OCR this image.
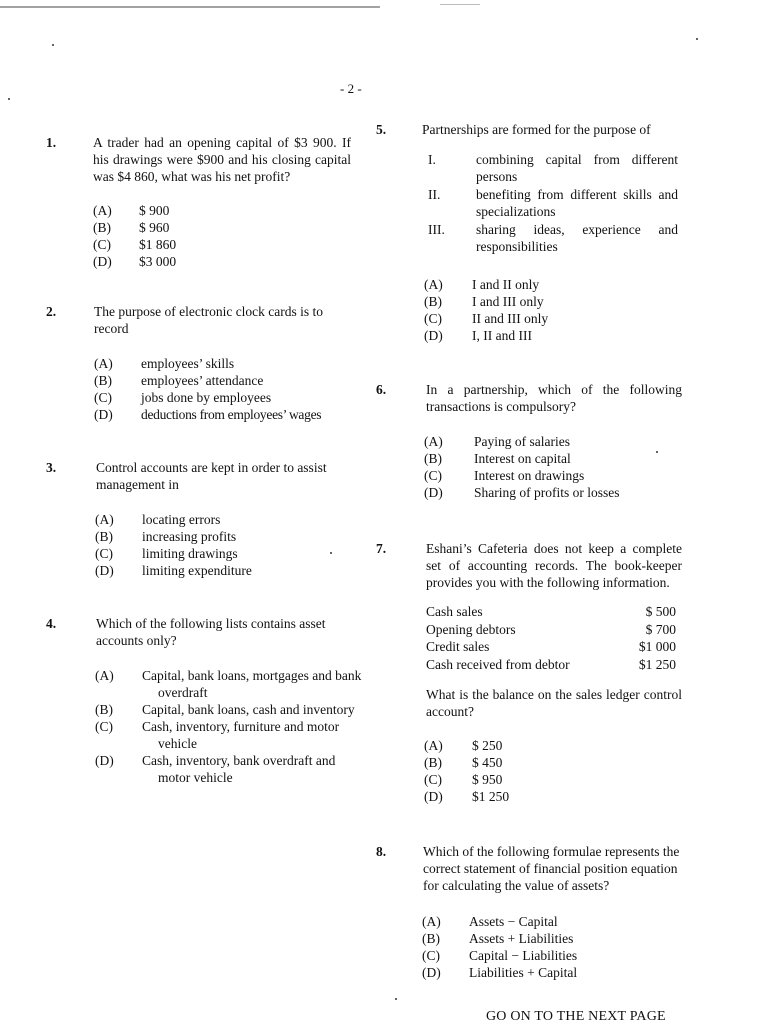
- 2 -
1.	A trader had an opening capital of $3 900. If his drawings were $900 and his closing capital was $4 860, what was his net profit?
(A) $ 900
(B) $ 960
(C) $1 860
(D) $3 000
2.	The purpose of electronic clock cards is to record
(A) employees’ skills
(B) employees’ attendance
(C) jobs done by employees
(D) deductions from employees’ wages
3.	Control accounts are kept in order to assist management in
(A) locating errors
(B) increasing profits
(C) limiting drawings
(D) limiting expenditure
4.	Which of the following lists contains asset accounts only?
(A) Capital, bank loans, mortgages and bank overdraft
(B) Capital, bank loans, cash and inventory
(C) Cash, inventory, furniture and motor vehicle
(D) Cash, inventory, bank overdraft and motor vehicle
5.	Partnerships are formed for the purpose of
I.	combining capital from different persons
II.	benefiting from different skills and specializations
III. sharing ideas, experience and responsibilities
(A) I and II only
(B) I and III only
(C) II and III only
(D) I, II and III
6.	In a partnership, which of the following transactions is compulsory?
(A) Paying of salaries
(B) Interest on capital
(C) Interest on drawings
(D) Sharing of profits or losses
7.	Eshani’s Cafeteria does not keep a complete set of accounting records. The book-keeper provides you with the following information.
Cash sales	$ 500
Opening debtors	$ 700
Credit sales	$1 000
Cash received from debtor	$1 250
What is the balance on the sales ledger control account?
(A) $ 250
(B) $ 450
(C) $ 950
(D) $1 250
8.	Which of the following formulae represents the correct statement of financial position equation for calculating the value of assets?
(A) Assets − Capital
(B) Assets + Liabilities
(C) Capital − Liabilities
(D) Liabilities + Capital
GO ON TO THE NEXT PAGE
